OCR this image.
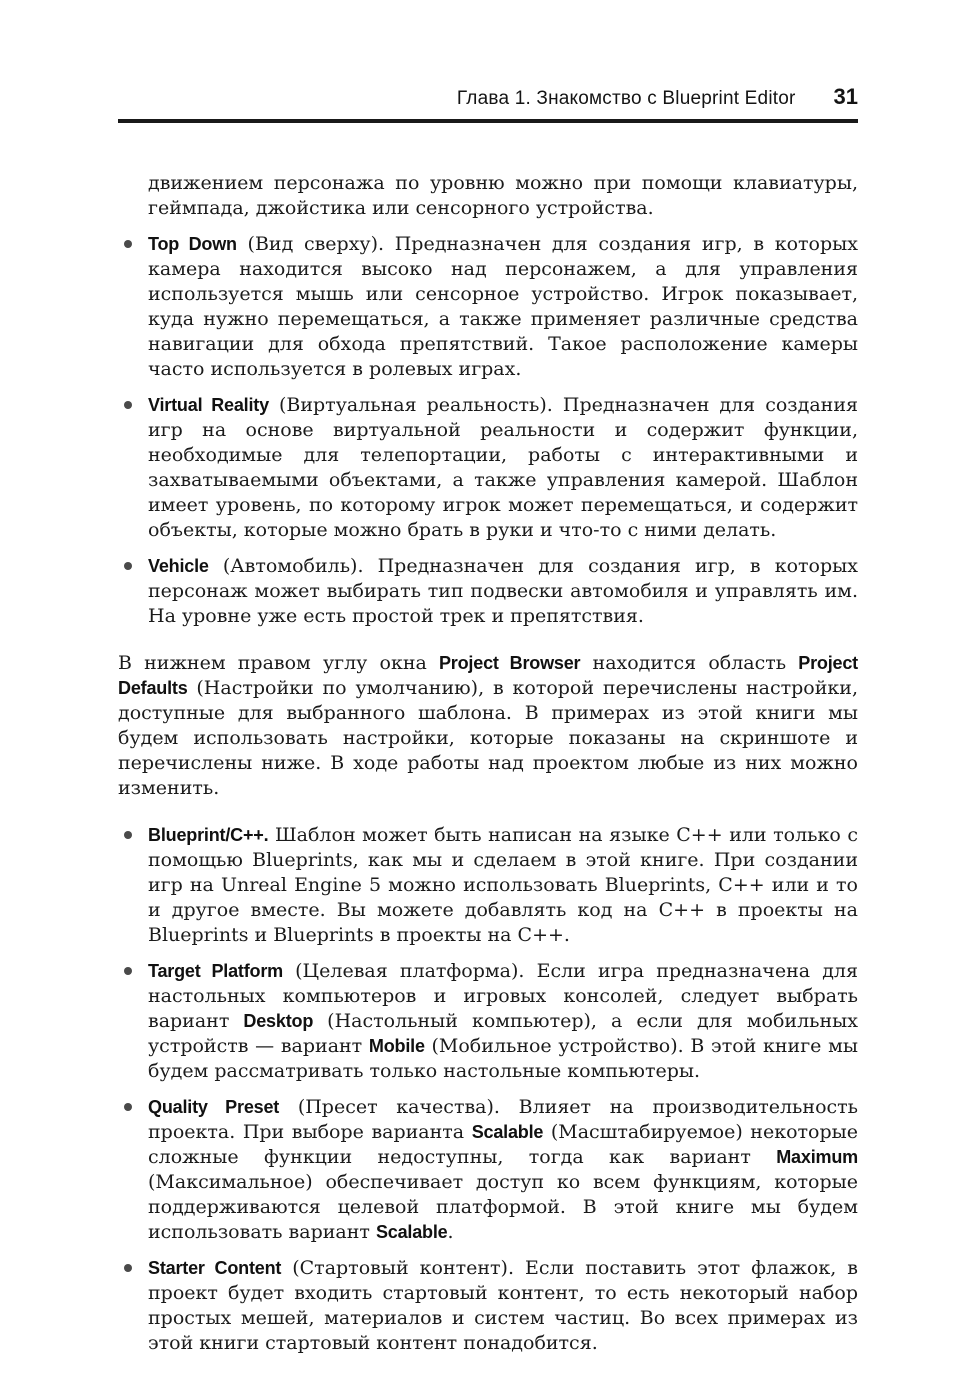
Глава 1. Знакомство с Blueprint Editor 31
движением персонажа по уровню можно при помощи клавиатуры, геймпада, джойстика или сенсорного устройства.
Top Down (Вид сверху). Предназначен для создания игр, в которых камера находится высоко над персонажем, а для управления используется мышь или сенсорное устройство. Игрок показывает, куда нужно перемещаться, а также применяет различные средства навигации для обхода препятствий. Такое расположение камеры часто используется в ролевых играх.
Virtual Reality (Виртуальная реальность). Предназначен для создания игр на основе виртуальной реальности и содержит функции, необходимые для телепортации, работы с интерактивными и захватываемыми объектами, а также управления камерой. Шаблон имеет уровень, по которому игрок может перемещаться, и содержит объекты, которые можно брать в руки и что-то с ними делать.
Vehicle (Автомобиль). Предназначен для создания игр, в которых персонаж может выбирать тип подвески автомобиля и управлять им. На уровне уже есть простой трек и препятствия.
В нижнем правом углу окна Project Browser находится область Project Defaults (Настройки по умолчанию), в которой перечислены настройки, доступные для выбранного шаблона. В примерах из этой книги мы будем использовать настройки, которые показаны на скриншоте и перечислены ниже. В ходе работы над проектом любые из них можно изменить.
Blueprint/C++. Шаблон может быть написан на языке C++ или только с помощью Blueprints, как мы и сделаем в этой книге. При создании игр на Unreal Engine 5 можно использовать Blueprints, C++ или и то и другое вместе. Вы можете добавлять код на C++ в проекты на Blueprints и Blueprints в проекты на C++.
Target Platform (Целевая платформа). Если игра предназначена для настольных компьютеров и игровых консолей, следует выбрать вариант Desktop (Настольный компьютер), а если для мобильных устройств — вариант Mobile (Мобильное устройство). В этой книге мы будем рассматривать только настольные компьютеры.
Quality Preset (Пресет качества). Влияет на производительность проекта. При выборе варианта Scalable (Масштабируемое) некоторые сложные функции недоступны, тогда как вариант Maximum (Максимальное) обеспечивает доступ ко всем функциям, которые поддерживаются целевой платформой. В этой книге мы будем использовать вариант Scalable.
Starter Content (Стартовый контент). Если поставить этот флажок, в проект будет входить стартовый контент, то есть некоторый набор простых мешей, материалов и систем частиц. Во всех примерах из этой книги стартовый контент понадобится.
